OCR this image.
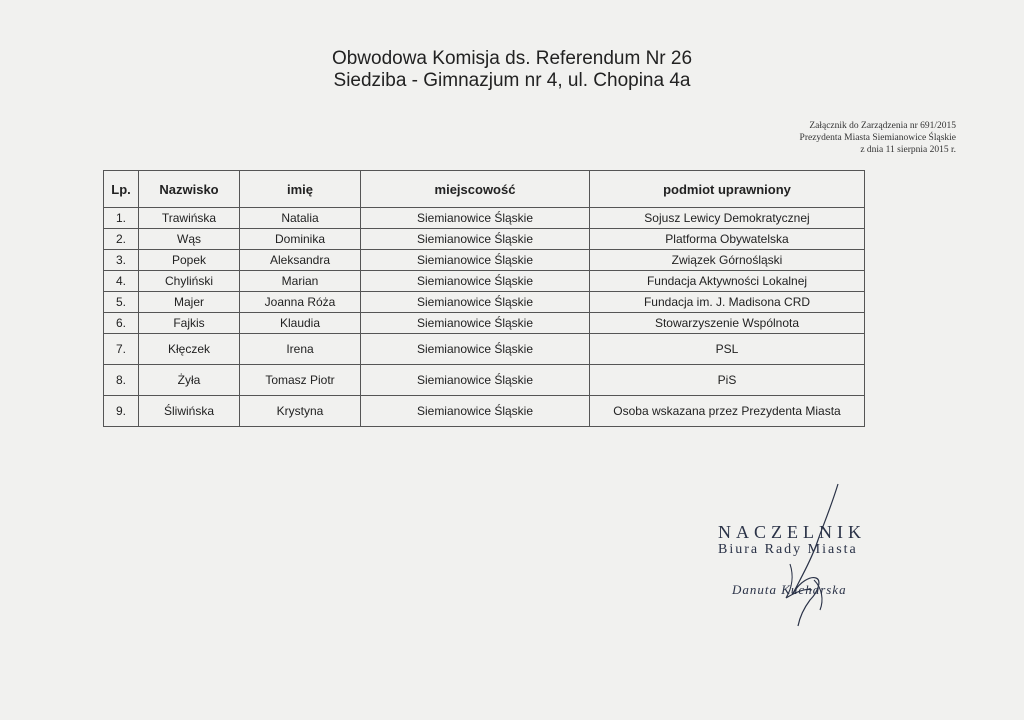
Obwodowa Komisja ds. Referendum Nr 26
Siedziba - Gimnazjum nr 4, ul. Chopina 4a
Załącznik do Zarządzenia nr 691/2015
Prezydenta Miasta Siemianowice Śląskie
z dnia 11 sierpnia 2015 r.
Lp.	Nazwisko	imię	miejscowość	podmiot uprawniony
1.	Trawińska	Natalia	Siemianowice Śląskie	Sojusz Lewicy Demokratycznej
2.	Wąs	Dominika	Siemianowice Śląskie	Platforma Obywatelska
3.	Popek	Aleksandra	Siemianowice Śląskie	Związek Górnośląski
4.	Chyliński	Marian	Siemianowice Śląskie	Fundacja Aktywności Lokalnej
5.	Majer	Joanna Róża	Siemianowice Śląskie	Fundacja im. J. Madisona CRD
6.	Fajkis	Klaudia	Siemianowice Śląskie	Stowarzyszenie Wspólnota
7.	Kłęczek	Irena	Siemianowice Śląskie	PSL
8.	Żyła	Tomasz Piotr	Siemianowice Śląskie	PiS
9.	Śliwińska	Krystyna	Siemianowice Śląskie	Osoba wskazana przez Prezydenta Miasta
NACZELNIK
Biura Rady Miasta
Danuta Kucharska
